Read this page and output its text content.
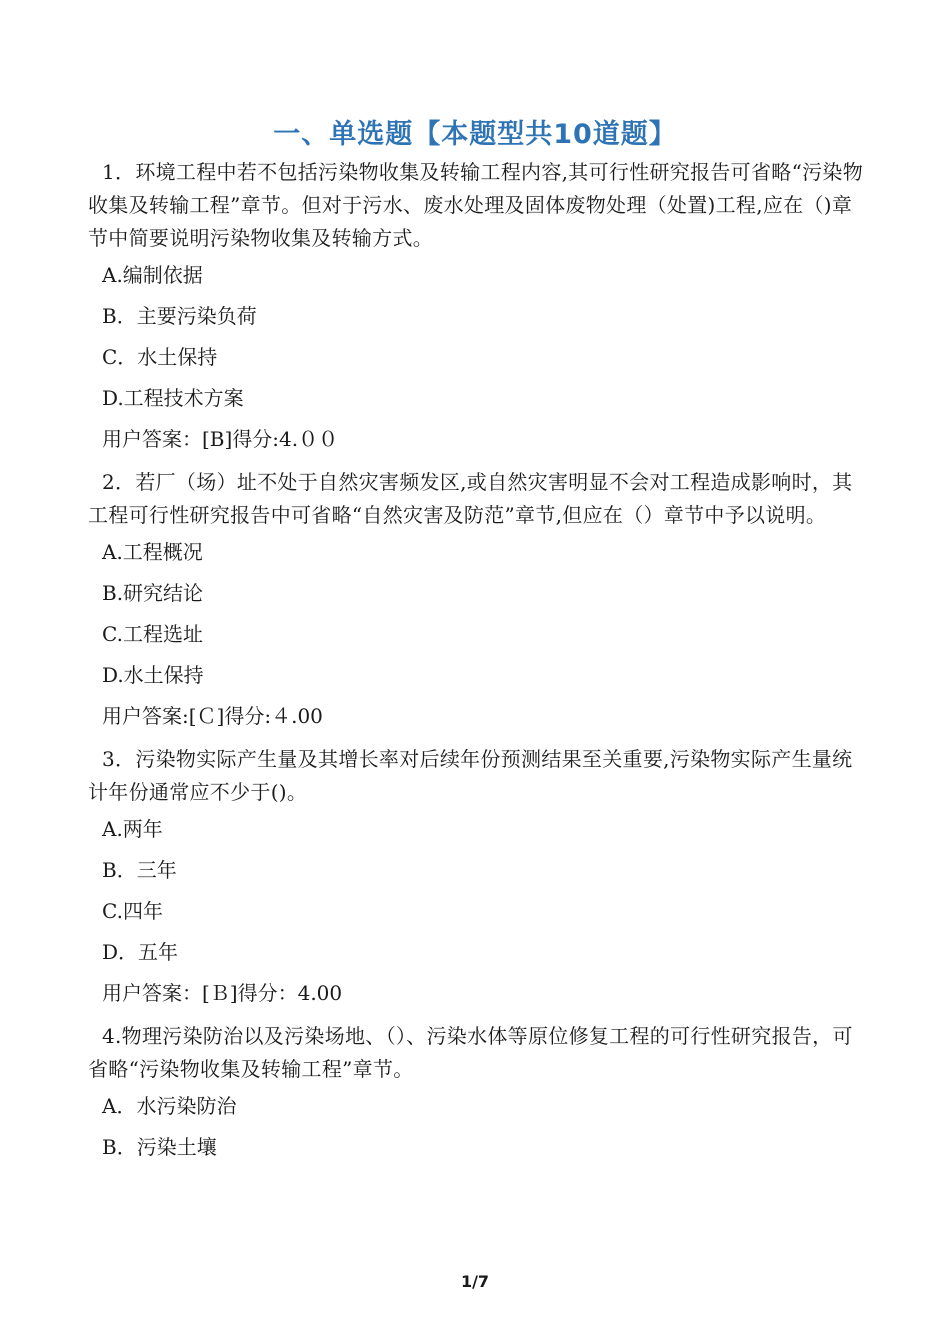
一、单选题【本题型共10道题】

1．环境工程中若不包括污染物收集及转输工程内容,其可行性研究报告可省略“污染物收集及转输工程”章节。但对于污水、废水处理及固体废物处理（处置)工程,应在（)章节中简要说明污染物收集及转输方式。

A.编制依据

B．主要污染负荷

C．水土保持

D.工程技术方案

用户答案：[B]得分:4.００

2．若厂（场）址不处于自然灾害频发区,或自然灾害明显不会对工程造成影响时，其工程可行性研究报告中可省略“自然灾害及防范”章节,但应在（）章节中予以说明。

A.工程概况

B.研究结论

C.工程选址

D.水土保持

用户答案:[Ｃ]得分:４.00

3．污染物实际产生量及其增长率对后续年份预测结果至关重要,污染物实际产生量统计年份通常应不少于()。

A.两年

B．三年

C.四年

D．五年

用户答案：[Ｂ]得分：4.00

4.物理污染防治以及污染场地、（）、污染水体等原位修复工程的可行性研究报告，可省略“污染物收集及转输工程”章节。

A．水污染防治

B．污染土壤

1/7
